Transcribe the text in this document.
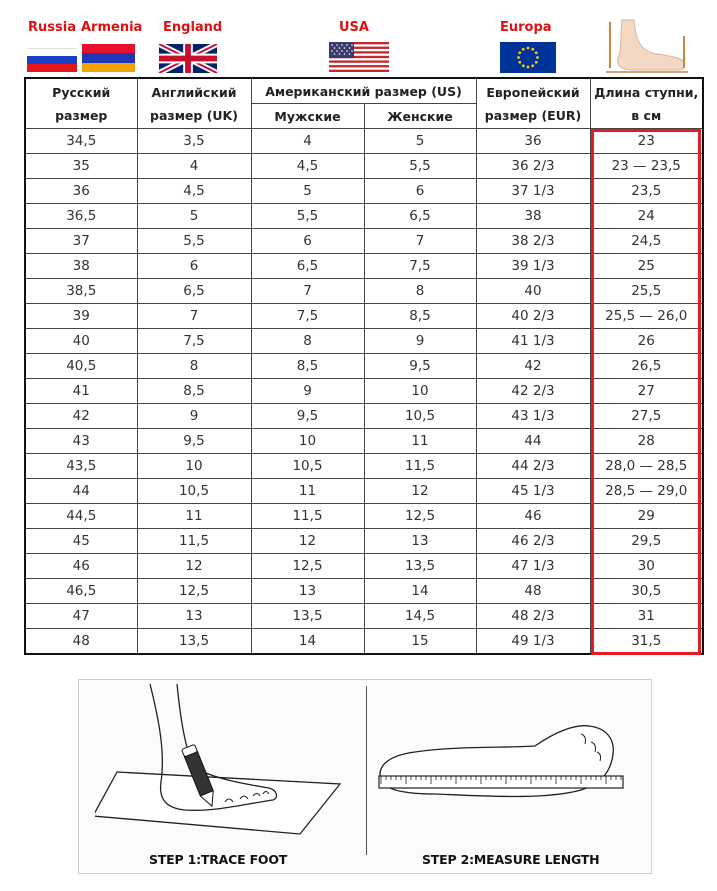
Russia Armenia England	USA	Europa
Русский размер	Английский размер (UK)	Американский размер (US)		Европейский размер (EUR)	Длина ступни, в см
		Мужские	Женские		
34,5	3,5	4	5	36	23
35	4	4,5	5,5	36 2/3	23 — 23,5
36	4,5	5	6	37 1/3	23,5
36,5	5	5,5	6,5	38	24
37	5,5	6	7	38 2/3	24,5
38	6	6,5	7,5	39 1/3	25
38,5	6,5	7	8	40	25,5
39	7	7,5	8,5	40 2/3	25,5 — 26,0
40	7,5	8	9	41 1/3	26
40,5	8	8,5	9,5	42	26,5
41	8,5	9	10	42 2/3	27
42	9	9,5	10,5	43 1/3	27,5
43	9,5	10	11	44	28
43,5	10	10,5	11,5	44 2/3	28,0 — 28,5
44	10,5	11	12	45 1/3	28,5 — 29,0
44,5	11	11,5	12,5	46	29
45	11,5	12	13	46 2/3	29,5
46	12	12,5	13,5	47 1/3	30
46,5	12,5	13	14	48	30,5
47	13	13,5	14,5	48 2/3	31
48	13,5	14	15	49 1/3	31,5
STEP 1:TRACE FOOT	STEP 2:MEASURE LENGTH
